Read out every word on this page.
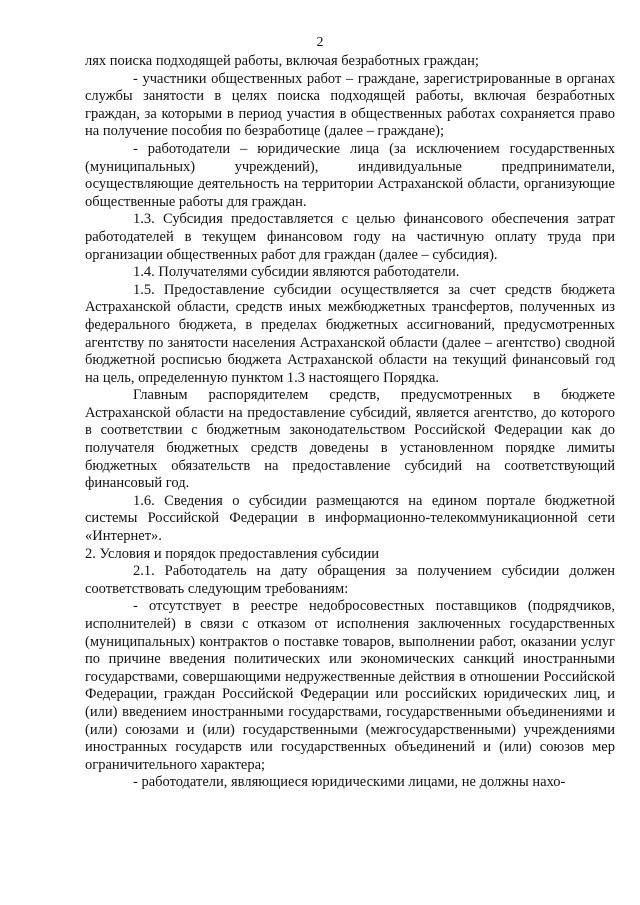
2

лях поиска подходящей работы, включая безработных граждан;

- участники общественных работ – граждане, зарегистрированные в органах службы занятости в целях поиска подходящей работы, включая безработных граждан, за которыми в период участия в общественных работах сохраняется право на получение пособия по безработице (далее – граждане);

- работодатели – юридические лица (за исключением государственных (муниципальных) учреждений), индивидуальные предприниматели, осуществляющие деятельность на территории Астраханской области, организующие общественные работы для граждан.

1.3. Субсидия предоставляется с целью финансового обеспечения затрат работодателей в текущем финансовом году на частичную оплату труда при организации общественных работ для граждан (далее – субсидия).

1.4. Получателями субсидии являются работодатели.

1.5. Предоставление субсидии осуществляется за счет средств бюджета Астраханской области, средств иных межбюджетных трансфертов, полученных из федерального бюджета, в пределах бюджетных ассигнований, предусмотренных агентству по занятости населения Астраханской области (далее – агентство) сводной бюджетной росписью бюджета Астраханской области на текущий финансовый год на цель, определенную пунктом 1.3 настоящего Порядка.

Главным распорядителем средств, предусмотренных в бюджете Астраханской области на предоставление субсидий, является агентство, до которого в соответствии с бюджетным законодательством Российской Федерации как до получателя бюджетных средств доведены в установленном порядке лимиты бюджетных обязательств на предоставление субсидий на соответствующий финансовый год.

1.6. Сведения о субсидии размещаются на едином портале бюджетной системы Российской Федерации в информационно-телекоммуникационной сети «Интернет».

2. Условия и порядок предоставления субсидии

2.1. Работодатель на дату обращения за получением субсидии должен соответствовать следующим требованиям:

- отсутствует в реестре недобросовестных поставщиков (подрядчиков, исполнителей) в связи с отказом от исполнения заключенных государственных (муниципальных) контрактов о поставке товаров, выполнении работ, оказании услуг по причине введения политических или экономических санкций иностранными государствами, совершающими недружественные действия в отношении Российской Федерации, граждан Российской Федерации или российских юридических лиц, и (или) введением иностранными государствами, государственными объединениями и (или) союзами и (или) государственными (межгосударственными) учреждениями иностранных государств или государственных объединений и (или) союзов мер ограничительного характера;

- работодатели, являющиеся юридическими лицами, не должны нахо-
